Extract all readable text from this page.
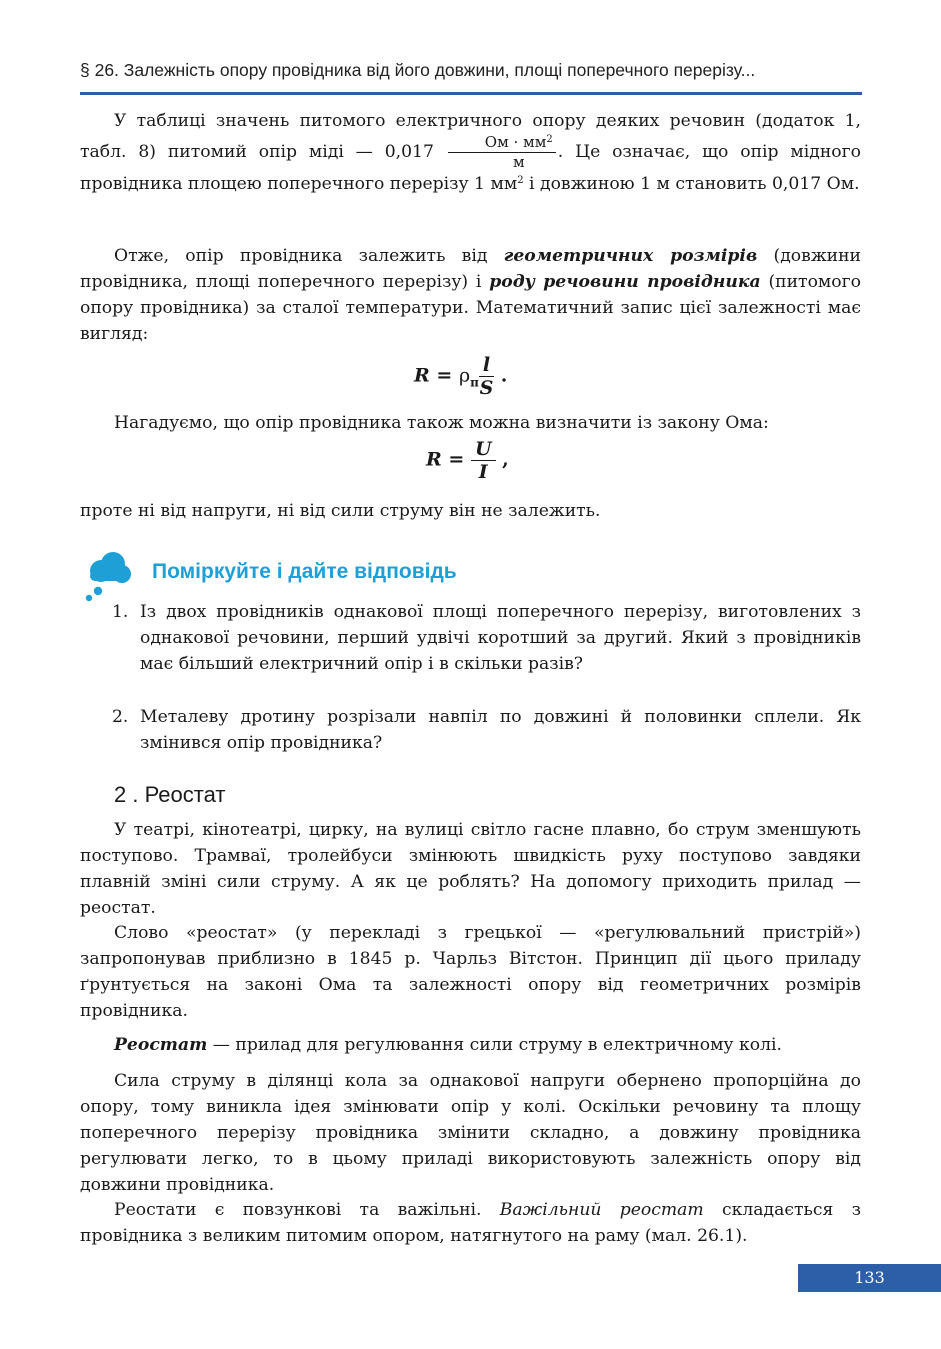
§ 26. Залежність опору провідника від його довжини, площі поперечного перерізу...
У таблиці значень питомого електричного опору деяких речовин (додаток 1, табл. 8) питомий опір міді — $0,017 \frac{Ом \cdot мм^2}{м}$ . Це означає, що опір мідного провідника площею поперечного перерізу 1 $мм^2$ і довжиною 1 м становить 0,017 Ом.
Отже, опір провідника залежить від геометричних розмірів (довжини провідника, площі поперечного перерізу) і роду речовини провідника (питомого опору провідника) за сталої температури. Математичний запис цієї залежності має вигляд:
$R = \rho_п \frac{l}{S}$ .
Нагадуємо, що опір провідника також можна визначити із закону Ома:
$R = \frac{U}{I}$ ,
проте ні від напруги, ні від сили струму він не залежить.
Поміркуйте і дайте відповідь
1. Із двох провідників однакової площі поперечного перерізу, виготовлених з однакової речовини, перший удвічі коротший за другий. Який з провідників має більший електричний опір і в скільки разів?
2. Металеву дротину розрізали навпіл по довжині й половинки сплели. Як змінився опір провідника?
2 . Реостат
У театрі, кінотеатрі, цирку, на вулиці світло гасне плавно, бо струм зменшують поступово. Трамваї, тролейбуси змінюють швидкість руху поступово завдяки плавній зміні сили струму. А як це роблять? На допомогу приходить прилад — реостат.
Слово «реостат» (у перекладі з грецької — «регулювальний пристрій») запропонував приблизно в 1845 р. Чарльз Вітстон. Принцип дії цього приладу ґрунтується на законі Ома та залежності опору від геометричних розмірів провідника.
Реостат — прилад для регулювання сили струму в електричному колі.
Сила струму в ділянці кола за однакової напруги обернено пропорційна до опору, тому виникла ідея змінювати опір у колі. Оскільки речовину та площу поперечного перерізу провідника змінити складно, а довжину провідника регулювати легко, то в цьому приладі використовують залежність опору від довжини провідника.
Реостати є повзункові та важільні. Важільний реостат складається з провідника з великим питомим опором, натягнутого на раму (мал. 26.1).
133
